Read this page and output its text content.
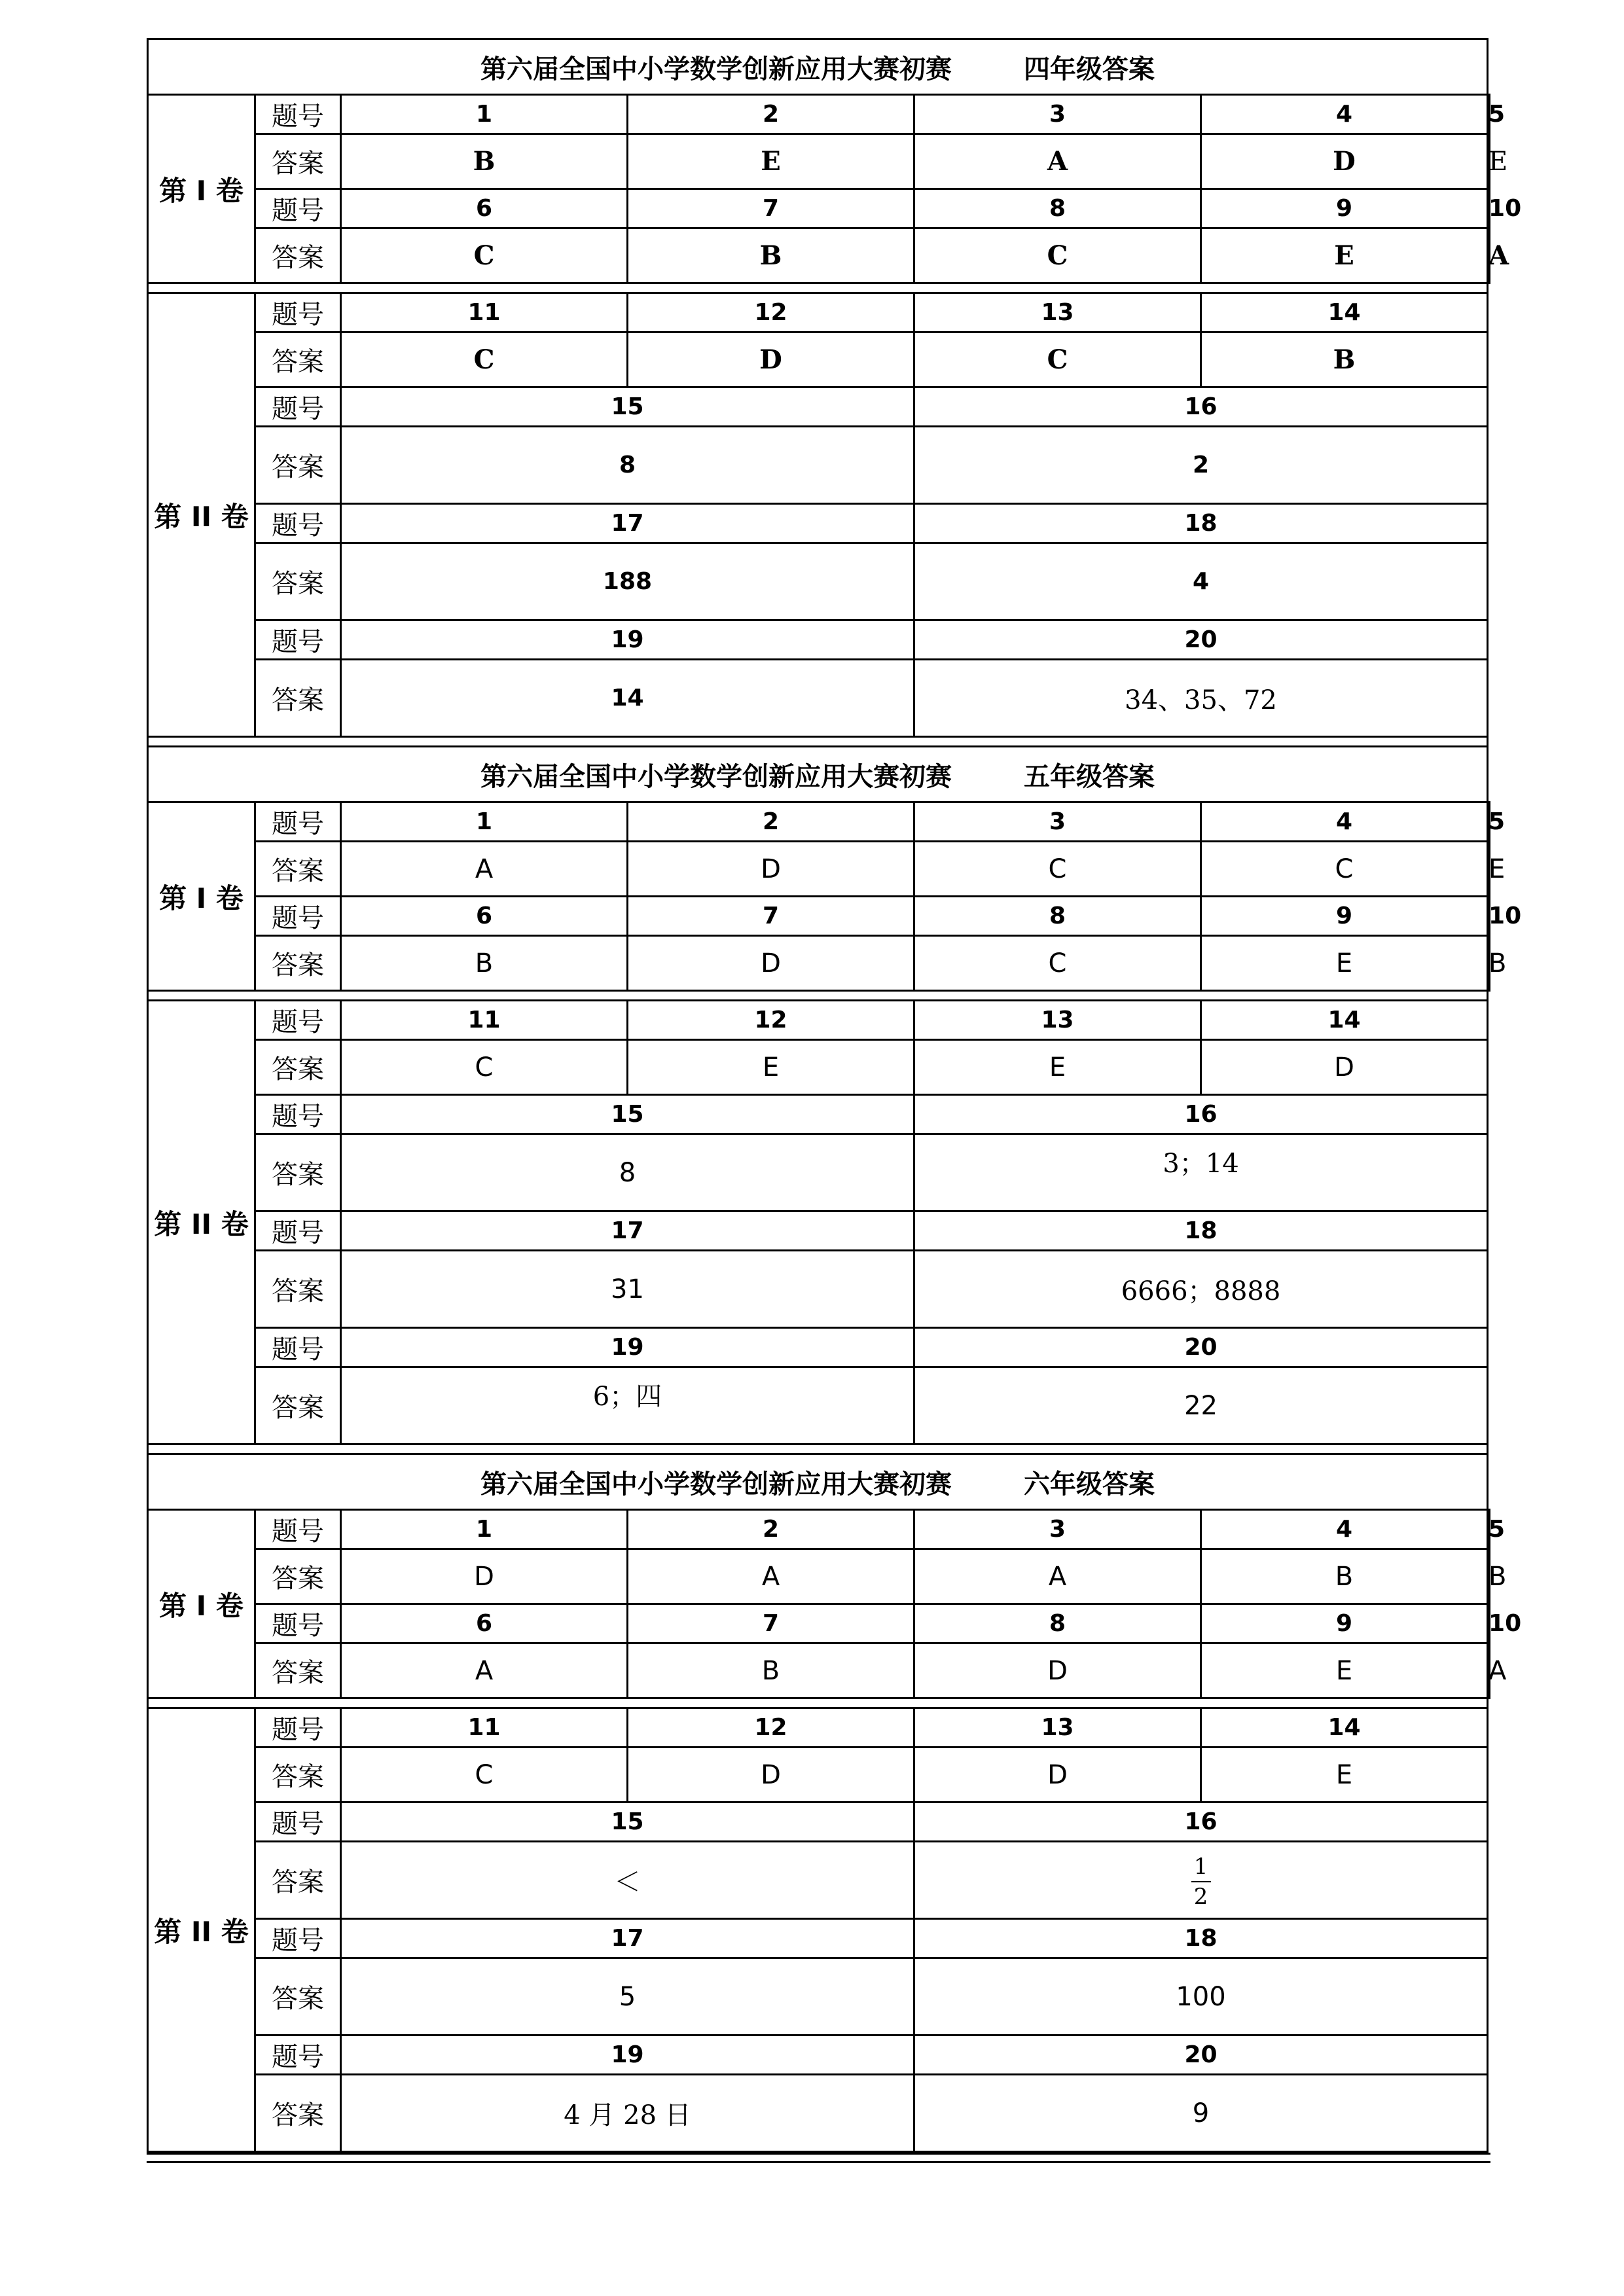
第六届全国中小学数学创新应用大赛初赛 四年级答案						
第 I 卷	题号	1	2	3	4	5
	答案	B	E	A	D	E
	题号	6	7	8	9	10
	答案	C	B	C	E	A

第 II 卷	题号	11	12	13	14	
	答案	C	D	C	B	
	题号	15		16		
	答案	8		2		
	题号	17		18		
	答案	188		4		
	题号	19		20		
	答案	14		34、35、72		

第六届全国中小学数学创新应用大赛初赛 五年级答案						
第 I 卷	题号	1	2	3	4	5
	答案	A	D	C	C	E
	题号	6	7	8	9	10
	答案	B	D	C	E	B

第 II 卷	题号	11	12	13	14	
	答案	C	E	E	D	
	题号	15		16		
	答案	8		3；14		
	题号	17		18		
	答案	31		6666；8888		
	题号	19		20		
	答案	6；四		22		

第六届全国中小学数学创新应用大赛初赛 六年级答案						
第 I 卷	题号	1	2	3	4	5
	答案	D	A	A	B	B
	题号	6	7	8	9	10
	答案	A	B	D	E	A

第 II 卷	题号	11	12	13	14	
	答案	C	D	D	E	
	题号	15		16		
	答案	＜		$\frac{1}{2}$

	题号	17		18		
	答案	5		100		
	题号	19		20		
	答案	4 月 28 日		9		
